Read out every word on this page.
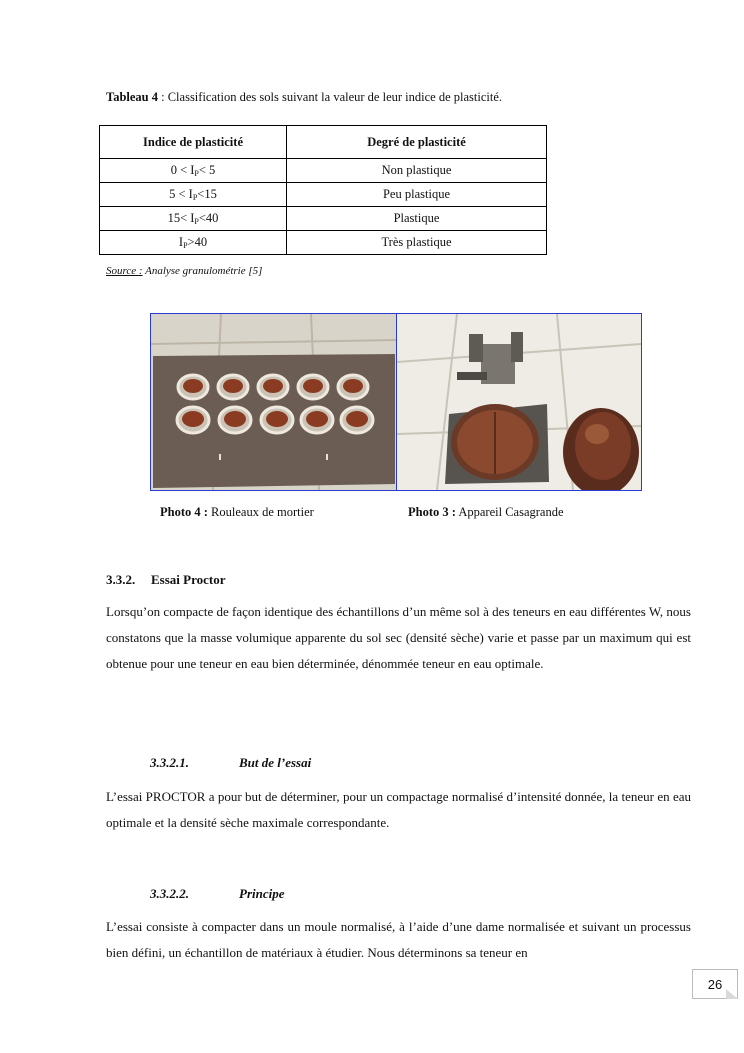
Tableau 4 : Classification des sols suivant la valeur de leur indice de plasticité.
Indice de plasticité	Degré de plasticité
$0 < I_P< 5$	Non plastique
$5 < I_P<15$	Peu plastique
$15< I_P<40$	Plastique
$I_P>40$	Très plastique
Source : Analyse granulométrie [5]
Photo 4 : Rouleaux de mortier	Photo 3 : Appareil Casagrande
3.3.2. Essai Proctor
Lorsqu’on compacte de façon identique des échantillons d’un même sol à des teneurs en eau différentes W, nous constatons que la masse volumique apparente du sol sec (densité sèche) varie et passe par un maximum qui est obtenue pour une teneur en eau bien déterminée, dénommée teneur en eau optimale.
3.3.2.1.	But de l’essai
L’essai PROCTOR a pour but de déterminer, pour un compactage normalisé d’intensité donnée, la teneur en eau optimale et la densité sèche maximale correspondante.
3.3.2.2.	Principe
L’essai consiste à compacter dans un moule normalisé, à l’aide d’une dame normalisée et suivant un processus bien défini, un échantillon de matériaux à étudier. Nous déterminons sa teneur en
26
